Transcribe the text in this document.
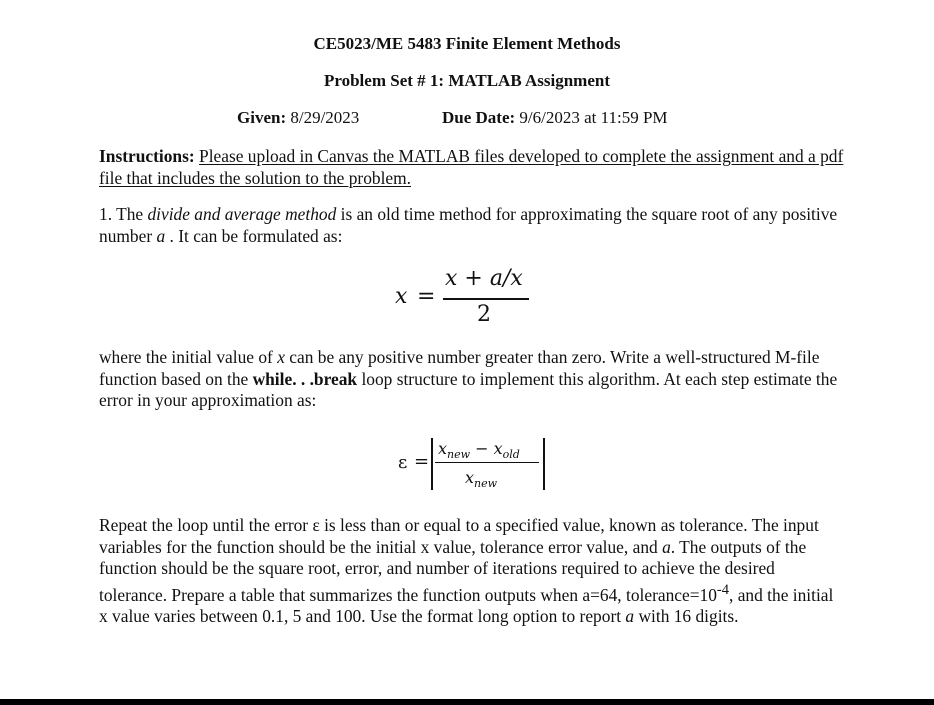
CE5023/ME 5483 Finite Element Methods
Problem Set # 1: MATLAB Assignment
Given: 8/29/2023	Due Date: 9/6/2023 at 11:59 PM
Instructions: Please upload in Canvas the MATLAB files developed to complete the assignment and a pdf file that includes the solution to the problem.
1. The divide and average method is an old time method for approximating the square root of any positive number a . It can be formulated as:
x =
x + a/x
2
where the initial value of x can be any positive number greater than zero. Write a well-structured M-file function based on the while. . .break loop structure to implement this algorithm. At each step estimate the error in your approximation as:
ε =
$x_{new} - x_{old}$
$x_{new}$
Repeat the loop until the error ε is less than or equal to a specified value, known as tolerance. The input variables for the function should be the initial x value, tolerance error value, and a. The outputs of the function should be the square root, error, and number of iterations required to achieve the desired tolerance. Prepare a table that summarizes the function outputs when a=64, $tolerance=10^{-4}$, and the initial x value varies between 0.1, 5 and 100. Use the format long option to report a with 16 digits.
